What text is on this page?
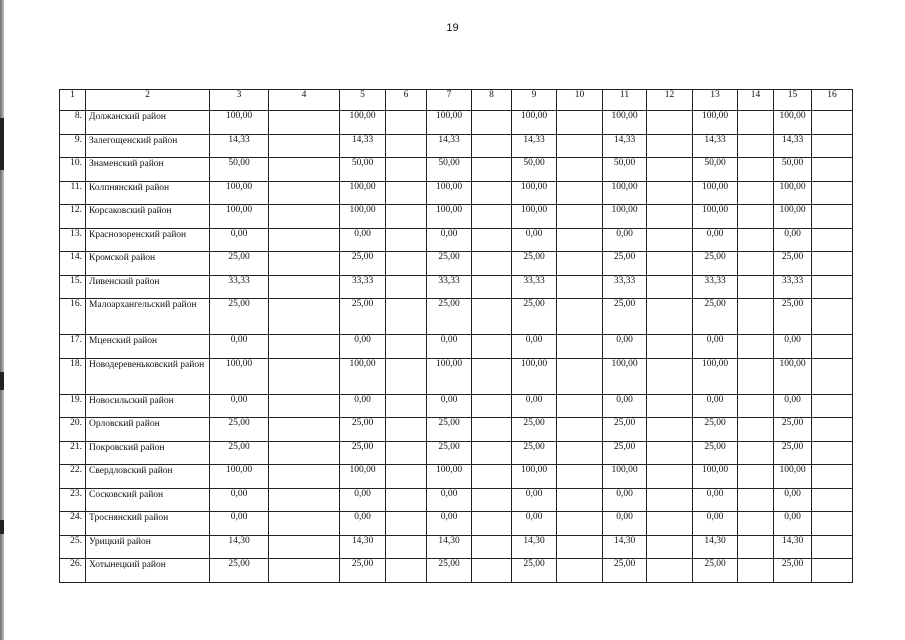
19
1	2	3	4	5	6	7	8	9	10	11	12	13	14	15	16
8.	Должанский район	100,00		100,00		100,00		100,00		100,00		100,00		100,00	
9.	Залегощенский район	14,33		14,33		14,33		14,33		14,33		14,33		14,33	
10.	Знаменский район	50,00		50,00		50,00		50,00		50,00		50,00		50,00	
11.	Колпнянский район	100,00		100,00		100,00		100,00		100,00		100,00		100,00	
12.	Корсаковский район	100,00		100,00		100,00		100,00		100,00		100,00		100,00	
13.	Краснозоренский район	0,00		0,00		0,00		0,00		0,00		0,00		0,00	
14.	Кромской район	25,00		25,00		25,00		25,00		25,00		25,00		25,00	
15.	Ливенский район	33,33		33,33		33,33		33,33		33,33		33,33		33,33	
16.	Малоархангельский район	25,00		25,00		25,00		25,00		25,00		25,00		25,00	
17.	Мценский район	0,00		0,00		0,00		0,00		0,00		0,00		0,00	
18.	Новодеревеньковский район	100,00		100,00		100,00		100,00		100,00		100,00		100,00	
19.	Новосильский район	0,00		0,00		0,00		0,00		0,00		0,00		0,00	
20.	Орловский район	25,00		25,00		25,00		25,00		25,00		25,00		25,00	
21.	Покровский район	25,00		25,00		25,00		25,00		25,00		25,00		25,00	
22.	Свердловский район	100,00		100,00		100,00		100,00		100,00		100,00		100,00	
23.	Сосковский район	0,00		0,00		0,00		0,00		0,00		0,00		0,00	
24.	Троснянский район	0,00		0,00		0,00		0,00		0,00		0,00		0,00	
25.	Урицкий район	14,30		14,30		14,30		14,30		14,30		14,30		14,30	
26.	Хотынецкий район	25,00		25,00		25,00		25,00		25,00		25,00		25,00	
